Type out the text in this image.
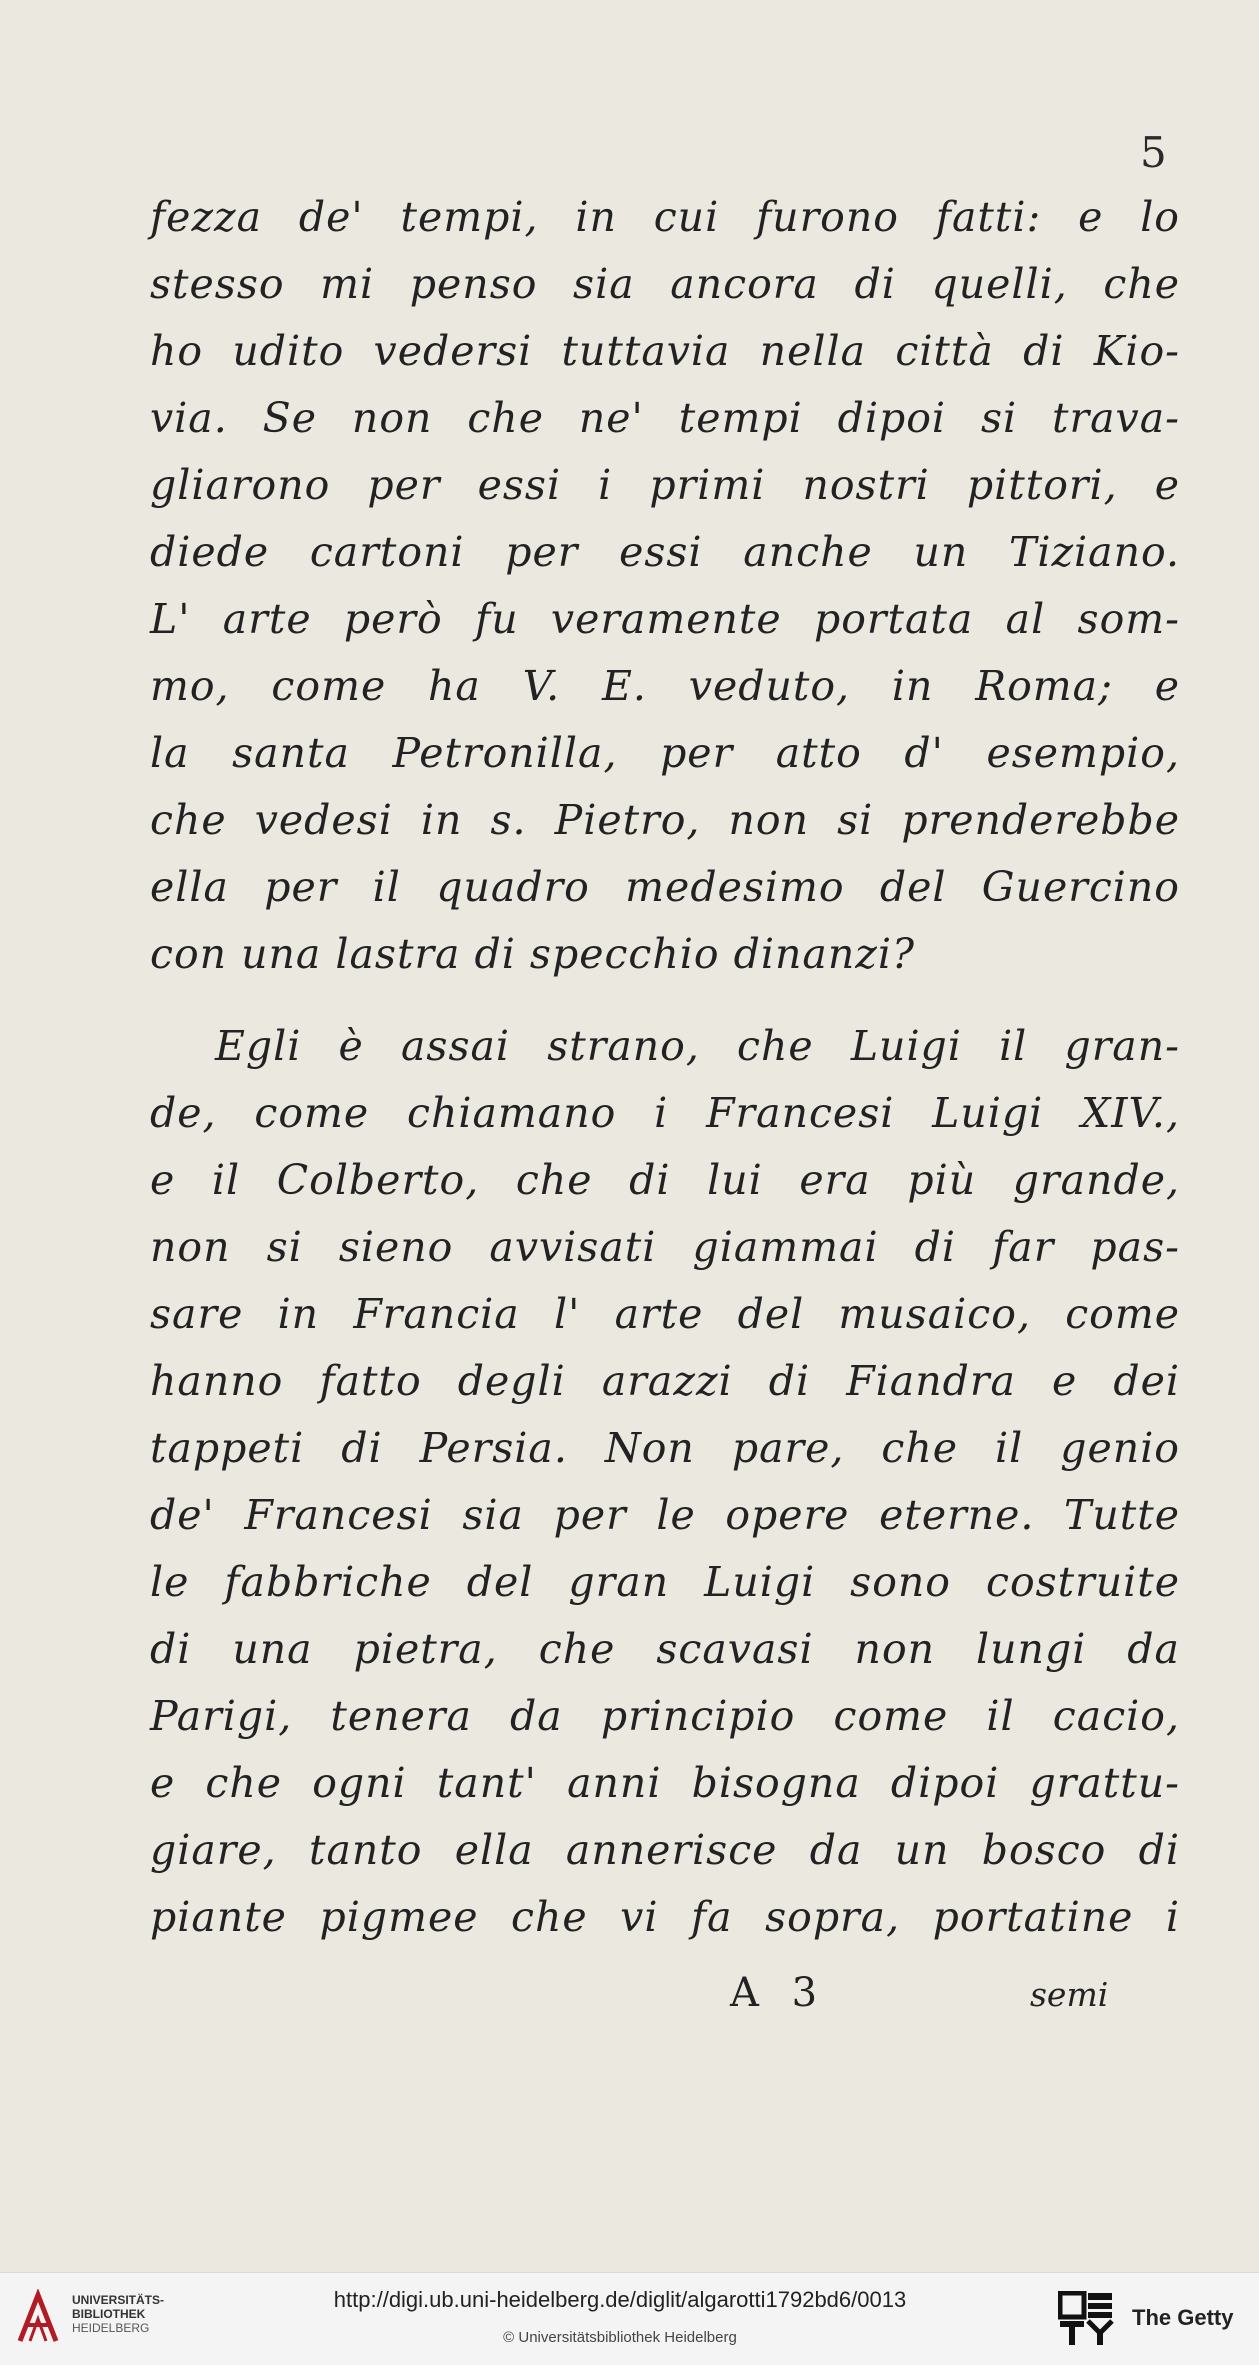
5
fezza de' tempi, in cui furono fatti: e lo
stesso mi penso sia ancora di quelli, che
ho udito vedersi tuttavia nella città di Kio-
via. Se non che ne' tempi dipoi si trava-
gliarono per essi i primi nostri pittori, e
diede cartoni per essi anche un Tiziano.
L' arte però fu veramente portata al som-
mo, come ha V. E. veduto, in Roma; e
la santa Petronilla, per atto d' esempio,
che vedesi in s. Pietro, non si prenderebbe
ella per il quadro medesimo del Guercino
con una lastra di specchio dinanzi?
Egli è assai strano, che Luigi il gran-
de, come chiamano i Francesi Luigi XIV.,
e il Colberto, che di lui era più grande,
non si sieno avvisati giammai di far pas-
sare in Francia l' arte del musaico, come
hanno fatto degli arazzi di Fiandra e dei
tappeti di Persia. Non pare, che il genio
de' Francesi sia per le opere eterne. Tutte
le fabbriche del gran Luigi sono costruite
di una pietra, che scavasi non lungi da
Parigi, tenera da principio come il cacio,
e che ogni tant' anni bisogna dipoi grattu-
giare, tanto ella annerisce da un bosco di
piante pigmee che vi fa sopra, portatine i
A 3	semi
UNIVERSITÄTS-
BIBLIOTHEK
HEIDELBERG
http://digi.ub.uni-heidelberg.de/diglit/algarotti1792bd6/0013
© Universitätsbibliothek Heidelberg
The Getty
